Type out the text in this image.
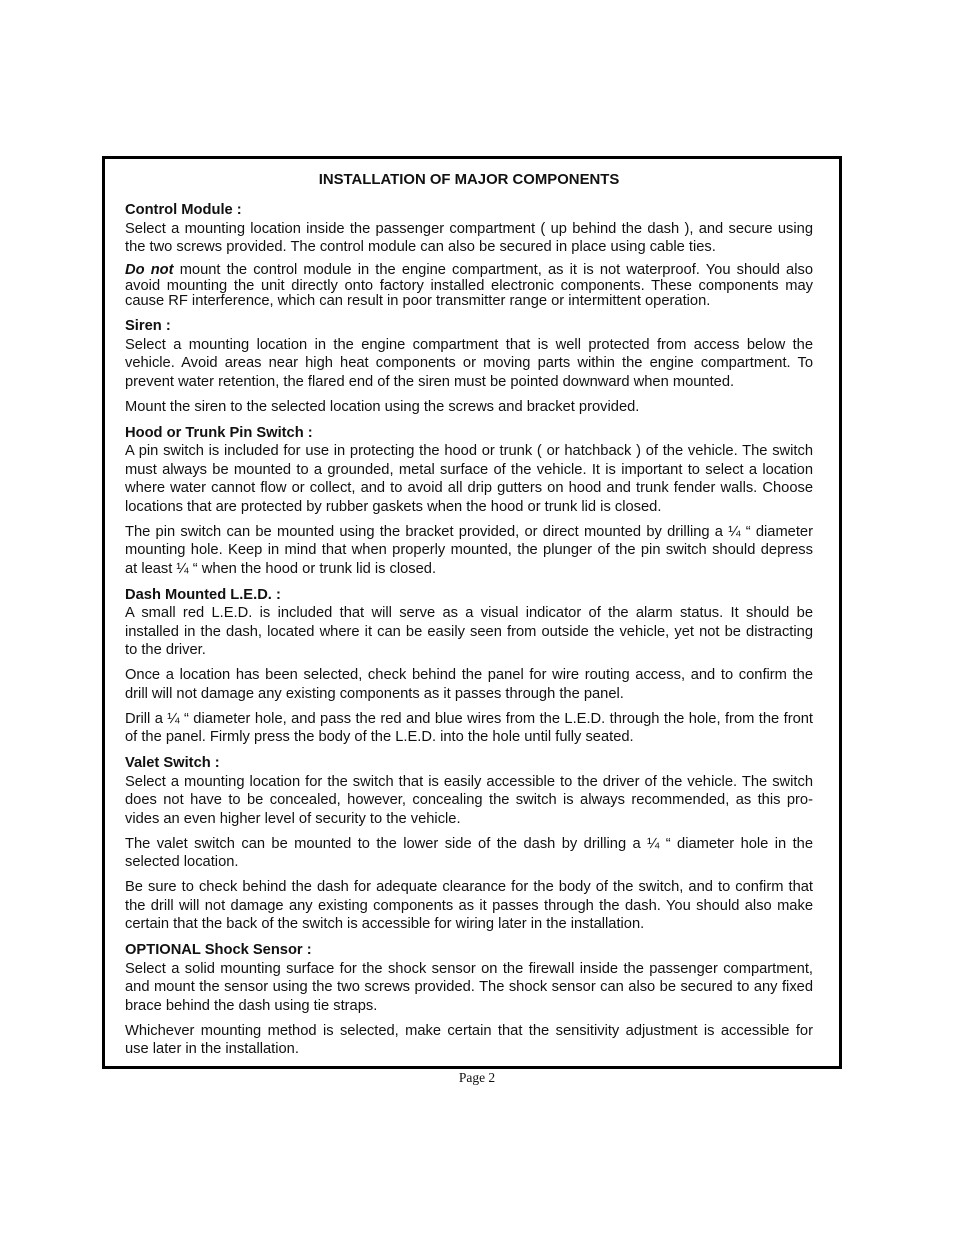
INSTALLATION OF MAJOR COMPONENTS
Control Module :
Select a mounting location inside the passenger compartment ( up behind the dash ), and secure using
the two screws provided. The control module can also be secured in place using cable ties.
Do not mount the control module in the engine compartment, as it is not waterproof. You should also
avoid mounting the unit directly onto factory installed electronic components. These components may
cause RF interference, which can result in poor transmitter range or intermittent operation.
Siren :
Select a mounting location in the engine compartment that is well protected from access below the
vehicle. Avoid areas near high heat components or moving parts within the engine compartment. To
prevent water retention, the flared end of the siren must be pointed downward when mounted.
Mount the siren to the selected location using the screws and bracket provided.
Hood or Trunk Pin Switch :
A pin switch is included for use in protecting the hood or trunk ( or hatchback ) of the vehicle. The switch
must always be mounted to a grounded, metal surface of the vehicle. It is important to select a location
where water cannot flow or collect, and to avoid all drip gutters on hood and trunk fender walls. Choose
locations that are protected by rubber gaskets when the hood or trunk lid is closed.
The pin switch can be mounted using the bracket provided, or direct mounted by drilling a ¼ “ diameter
mounting hole. Keep in mind that when properly mounted, the plunger of the pin switch should depress
at least ¼ “ when the hood or trunk lid is closed.
Dash Mounted L.E.D. :
A small red L.E.D. is included that will serve as a visual indicator of the alarm status. It should be
installed in the dash, located where it can be easily seen from outside the vehicle, yet not be distracting
to the driver.
Once a location has been selected, check behind the panel for wire routing access, and to confirm the
drill will not damage any existing components as it passes through the panel.
Drill a ¼ “ diameter hole, and pass the red and blue wires from the L.E.D. through the hole, from the front
of the panel. Firmly press the body of the L.E.D. into the hole until fully seated.
Valet Switch :
Select a mounting location for the switch that is easily accessible to the driver of the vehicle. The switch
does not have to be concealed, however, concealing the switch is always recommended, as this pro-
vides an even higher level of security to the vehicle.
The valet switch can be mounted to the lower side of the dash by drilling a ¼ “ diameter hole in the
selected location.
Be sure to check behind the dash for adequate clearance for the body of the switch, and to confirm that
the drill will not damage any existing components as it passes through the dash. You should also make
certain that the back of the switch is accessible for wiring later in the installation.
OPTIONAL Shock Sensor :
Select a solid mounting surface for the shock sensor on the firewall inside the passenger compartment,
and mount the sensor using the two screws provided. The shock sensor can also be secured to any fixed
brace behind the dash using tie straps.
Whichever mounting method is selected, make certain that the sensitivity adjustment is accessible for
use later in the installation.
Page 2
